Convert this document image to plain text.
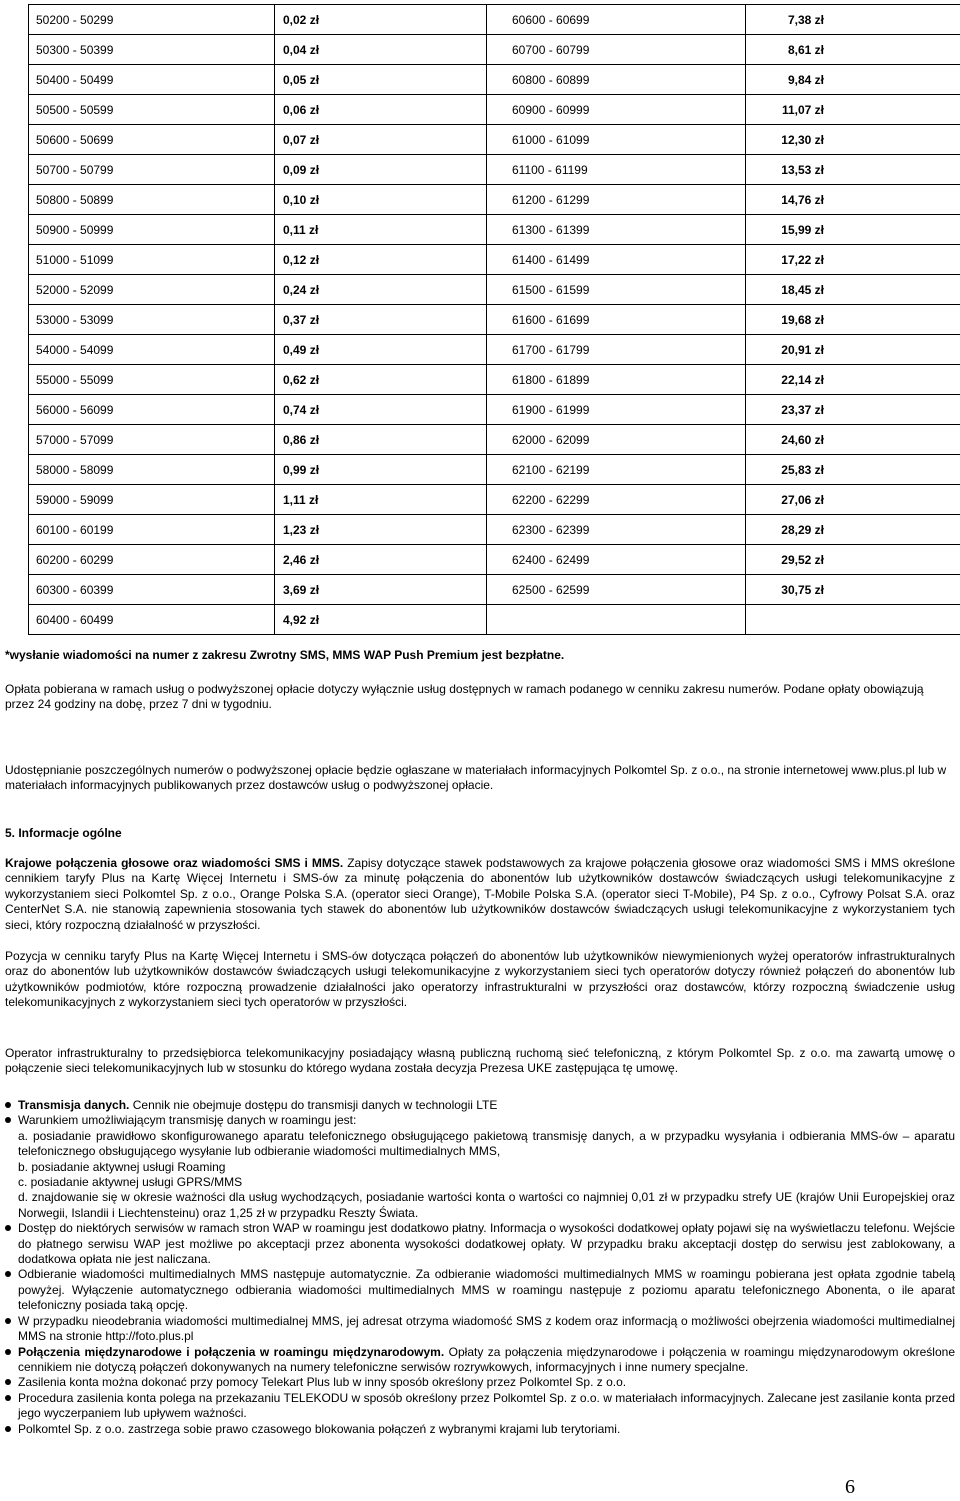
50200 - 50299	0,02 zł	60600 - 60699	7,38 zł
50300 - 50399	0,04 zł	60700 - 60799	8,61 zł
50400 - 50499	0,05 zł	60800 - 60899	9,84 zł
50500 - 50599	0,06 zł	60900 - 60999	11,07 zł
50600 - 50699	0,07 zł	61000 - 61099	12,30 zł
50700 - 50799	0,09 zł	61100 - 61199	13,53 zł
50800 - 50899	0,10 zł	61200 - 61299	14,76 zł
50900 - 50999	0,11 zł	61300 - 61399	15,99 zł
51000 - 51099	0,12 zł	61400 - 61499	17,22 zł
52000 - 52099	0,24 zł	61500 - 61599	18,45 zł
53000 - 53099	0,37 zł	61600 - 61699	19,68 zł
54000 - 54099	0,49 zł	61700 - 61799	20,91 zł
55000 - 55099	0,62 zł	61800 - 61899	22,14 zł
56000 - 56099	0,74 zł	61900 - 61999	23,37 zł
57000 - 57099	0,86 zł	62000 - 62099	24,60 zł
58000 - 58099	0,99 zł	62100 - 62199	25,83 zł
59000 - 59099	1,11 zł	62200 - 62299	27,06 zł
60100 - 60199	1,23 zł	62300 - 62399	28,29 zł
60200 - 60299	2,46 zł	62400 - 62499	29,52 zł
60300 - 60399	3,69 zł	62500 - 62599	30,75 zł
60400 - 60499	4,92 zł		
*wysłanie wiadomości na numer z zakresu Zwrotny SMS, MMS WAP Push Premium jest bezpłatne.
Opłata pobierana w ramach usług o podwyższonej opłacie dotyczy wyłącznie usług dostępnych w ramach podanego w cenniku zakresu numerów. Podane opłaty obowiązują przez 24 godziny na dobę, przez 7 dni w tygodniu.
Udostępnianie poszczególnych numerów o podwyższonej opłacie będzie ogłaszane w materiałach informacyjnych Polkomtel Sp. z o.o., na stronie internetowej www.plus.pl lub w materiałach informacyjnych publikowanych przez dostawców usług o podwyższonej opłacie.
5. Informacje ogólne
Krajowe połączenia głosowe oraz wiadomości SMS i MMS. Zapisy dotyczące stawek podstawowych za krajowe połączenia głosowe oraz wiadomości SMS i MMS określone cennikiem taryfy Plus na Kartę Więcej Internetu i SMS-ów za minutę połączenia do abonentów lub użytkowników dostawców świadczących usługi telekomunikacyjne z wykorzystaniem sieci Polkomtel Sp. z o.o., Orange Polska S.A. (operator sieci Orange), T-Mobile Polska S.A. (operator sieci T-Mobile), P4 Sp. z o.o., Cyfrowy Polsat S.A. oraz CenterNet S.A. nie stanowią zapewnienia stosowania tych stawek do abonentów lub użytkowników dostawców świadczących usługi telekomunikacyjne z wykorzystaniem tych sieci, który rozpoczną działalność w przyszłości.
Pozycja w cenniku taryfy Plus na Kartę Więcej Internetu i SMS-ów dotycząca połączeń do abonentów lub użytkowników niewymienionych wyżej operatorów infrastrukturalnych oraz do abonentów lub użytkowników dostawców świadczących usługi telekomunikacyjne z wykorzystaniem sieci tych operatorów dotyczy również połączeń do abonentów lub użytkowników podmiotów, które rozpoczną prowadzenie działalności jako operatorzy infrastrukturalni w przyszłości oraz dostawców, którzy rozpoczną świadczenie usług telekomunikacyjnych z wykorzystaniem sieci tych operatorów w przyszłości.
Operator infrastrukturalny to przedsiębiorca telekomunikacyjny posiadający własną publiczną ruchomą sieć telefoniczną, z którym Polkomtel Sp. z o.o. ma zawartą umowę o połączenie sieci telekomunikacyjnych lub w stosunku do którego wydana została decyzja Prezesa UKE zastępująca tę umowę.
Transmisja danych. Cennik nie obejmuje dostępu do transmisji danych w technologii LTE
Warunkiem umożliwiającym transmisję danych w roamingu jest:
a. posiadanie prawidłowo skonfigurowanego aparatu telefonicznego obsługującego pakietową transmisję danych, a w przypadku wysyłania i odbierania MMS-ów – aparatu telefonicznego obsługującego wysyłanie lub odbieranie wiadomości multimedialnych MMS,
b. posiadanie aktywnej usługi Roaming
c. posiadanie aktywnej usługi GPRS/MMS
d. znajdowanie się w okresie ważności dla usług wychodzących, posiadanie wartości konta o wartości co najmniej 0,01 zł w przypadku strefy UE (krajów Unii Europejskiej oraz Norwegii, Islandii i Liechtensteinu) oraz 1,25 zł w przypadku Reszty Świata.
Dostęp do niektórych serwisów w ramach stron WAP w roamingu jest dodatkowo płatny. Informacja o wysokości dodatkowej opłaty pojawi się na wyświetlaczu telefonu. Wejście do płatnego serwisu WAP jest możliwe po akceptacji przez abonenta wysokości dodatkowej opłaty. W przypadku braku akceptacji dostęp do serwisu jest zablokowany, a dodatkowa opłata nie jest naliczana.
Odbieranie wiadomości multimedialnych MMS następuje automatycznie. Za odbieranie wiadomości multimedialnych MMS w roamingu pobierana jest opłata zgodnie tabelą powyżej. Wyłączenie automatycznego odbierania wiadomości multimedialnych MMS w roamingu następuje z poziomu aparatu telefonicznego Abonenta, o ile aparat telefoniczny posiada taką opcję.
W przypadku nieodebrania wiadomości multimedialnej MMS, jej adresat otrzyma wiadomość SMS z kodem oraz informacją o możliwości obejrzenia wiadomości multimedialnej MMS na stronie http://foto.plus.pl
Połączenia międzynarodowe i połączenia w roamingu międzynarodowym. Opłaty za połączenia międzynarodowe i połączenia w roamingu międzynarodowym określone cennikiem nie dotyczą połączeń dokonywanych na numery telefoniczne serwisów rozrywkowych, informacyjnych i inne numery specjalne.
Zasilenia konta można dokonać przy pomocy Telekart Plus lub w inny sposób określony przez Polkomtel Sp. z o.o.
Procedura zasilenia konta polega na przekazaniu TELEKODU w sposób określony przez Polkomtel Sp. z o.o. w materiałach informacyjnych. Zalecane jest zasilanie konta przed jego wyczerpaniem lub upływem ważności.
Polkomtel Sp. z o.o. zastrzega sobie prawo czasowego blokowania połączeń z wybranymi krajami lub terytoriami.
6
